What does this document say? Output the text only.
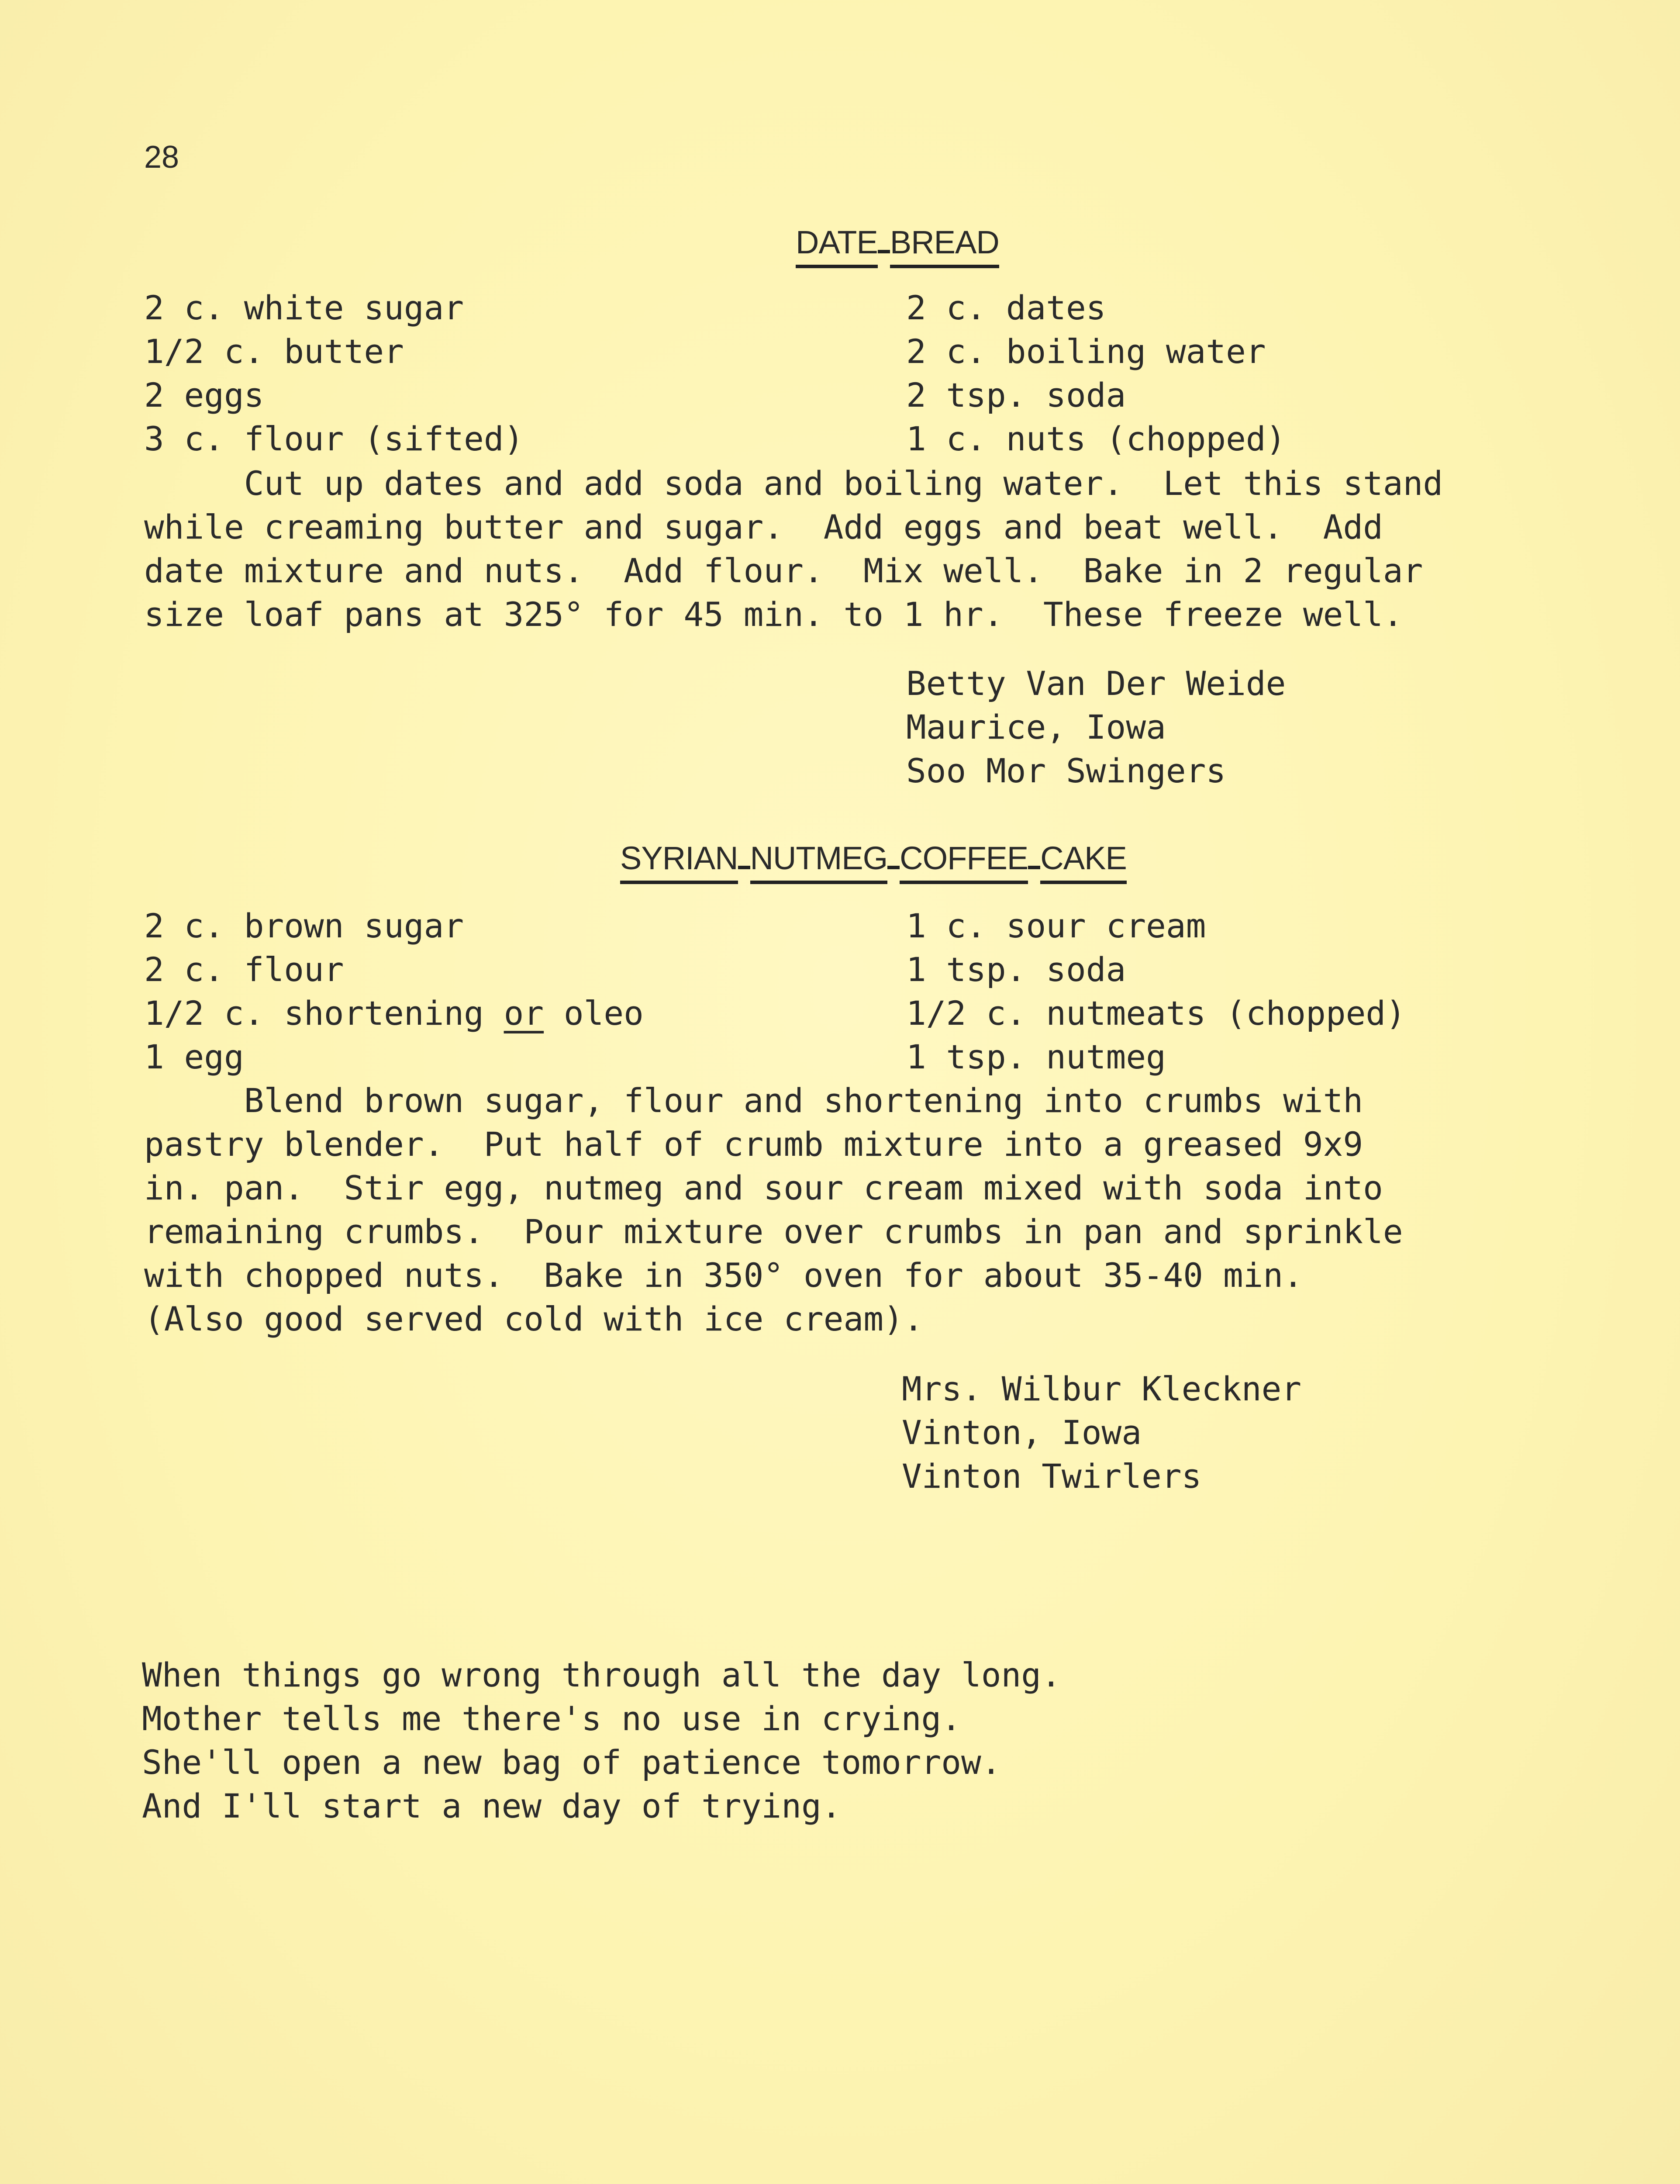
28
DATE BREAD
2 c. white sugar
1/2 c. butter
2 eggs
3 c. flour (sifted)
2 c. dates
2 c. boiling water
2 tsp. soda
1 c. nuts (chopped)
Cut up dates and add soda and boiling water.  Let this stand
while creaming butter and sugar.  Add eggs and beat well.  Add
date mixture and nuts.  Add flour.  Mix well.  Bake in 2 regular
size loaf pans at 325° for 45 min. to 1 hr.  These freeze well.
Betty Van Der Weide
Maurice, Iowa
Soo Mor Swingers
SYRIAN NUTMEG COFFEE CAKE
2 c. brown sugar
2 c. flour
1/2 c. shortening or oleo
1 egg
1 c. sour cream
1 tsp. soda
1/2 c. nutmeats (chopped)
1 tsp. nutmeg
Blend brown sugar, flour and shortening into crumbs with
pastry blender.  Put half of crumb mixture into a greased 9x9
in. pan.  Stir egg, nutmeg and sour cream mixed with soda into
remaining crumbs.  Pour mixture over crumbs in pan and sprinkle
with chopped nuts.  Bake in 350° oven for about 35-40 min.
(Also good served cold with ice cream).
Mrs. Wilbur Kleckner
Vinton, Iowa
Vinton Twirlers
When things go wrong through all the day long.
Mother tells me there's no use in crying.
She'll open a new bag of patience tomorrow.
And I'll start a new day of trying.
